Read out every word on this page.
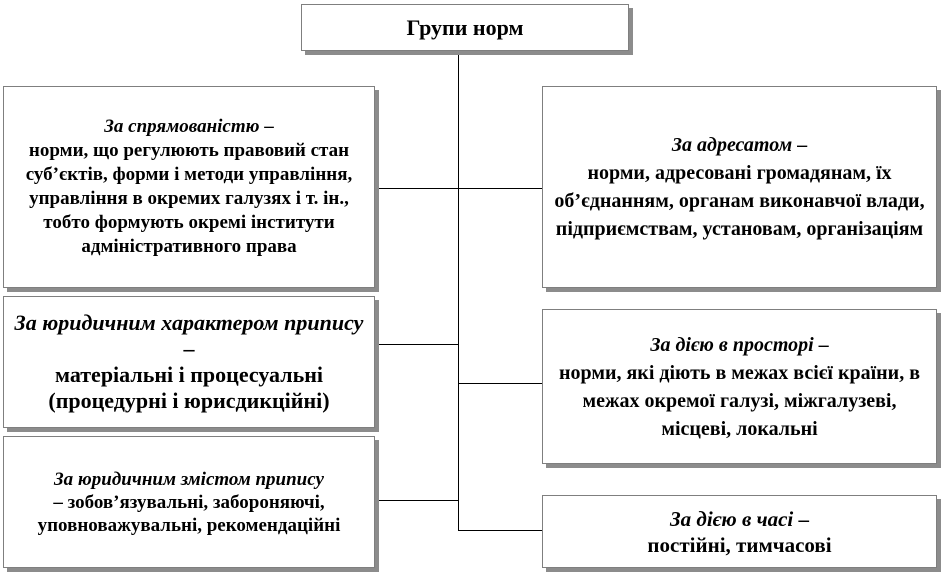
Групи норм
За спрямованістю –
норми, що регулюють правовий стан суб’єктів, форми і методи управління, управління в окремих галузях і т. ін., тобто формують окремі інститути адміністративного права
За юридичним характером припису –
матеріальні і процесуальні (процедурні і юрисдикційні)
За юридичним змістом припису
– зобов’язувальні, забороняючі, уповноважувальні, рекомендаційні
За адресатом –
норми, адресовані громадянам, їх об’єднанням, органам виконавчої влади, підприємствам, установам, організаціям
За дією в просторі –
норми, які діють в межах всієї країни, в межах окремої галузі, міжгалузеві, місцеві, локальні
За дією в часі –
постійні, тимчасові
